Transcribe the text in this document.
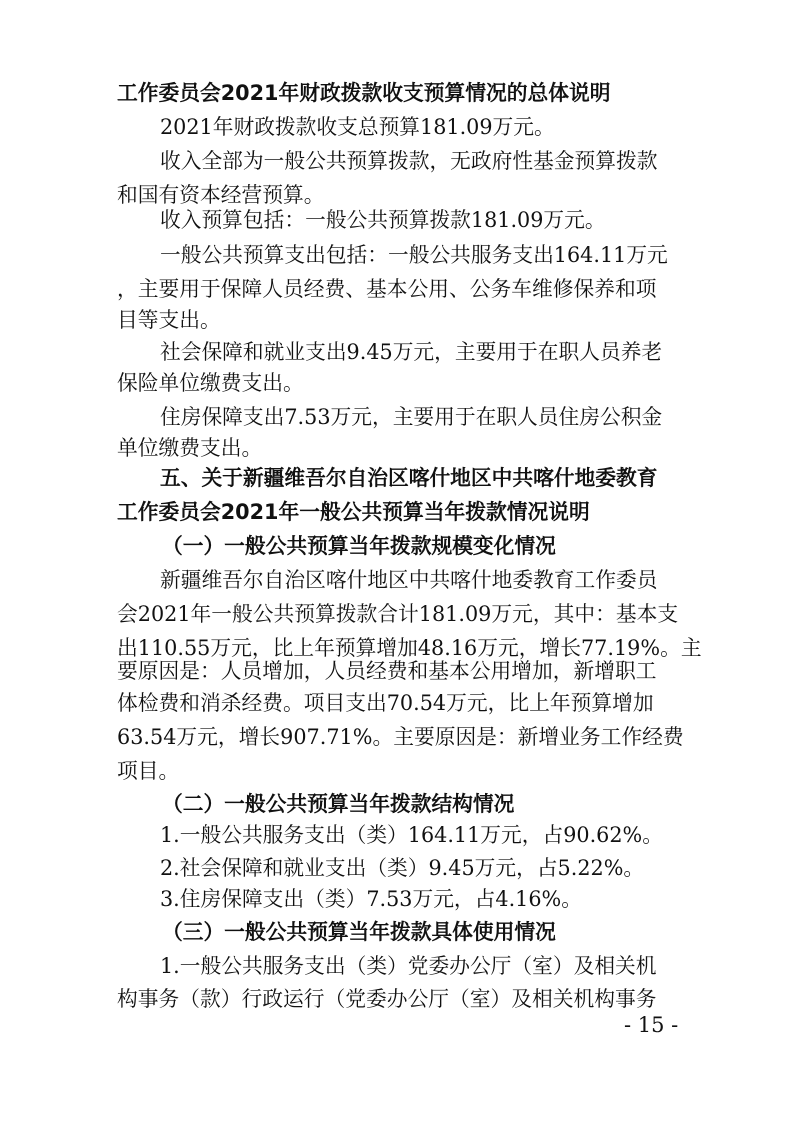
工作委员会2021年财政拨款收支预算情况的总体说明

2021年财政拨款收支总预算181.09万元。

收入全部为一般公共预算拨款，无政府性基金预算拨款

和国有资本经营预算。

收入预算包括：一般公共预算拨款181.09万元。

一般公共预算支出包括：一般公共服务支出164.11万元

，主要用于保障人员经费、基本公用、公务车维修保养和项

目等支出。

社会保障和就业支出9.45万元，主要用于在职人员养老

保险单位缴费支出。

住房保障支出7.53万元，主要用于在职人员住房公积金

单位缴费支出。

五、关于新疆维吾尔自治区喀什地区中共喀什地委教育

工作委员会2021年一般公共预算当年拨款情况说明

（一）一般公共预算当年拨款规模变化情况

新疆维吾尔自治区喀什地区中共喀什地委教育工作委员

会2021年一般公共预算拨款合计181.09万元，其中：基本支

出110.55万元，比上年预算增加48.16万元，增长77.19%。主

要原因是：人员增加，人员经费和基本公用增加，新增职工

体检费和消杀经费。项目支出70.54万元，比上年预算增加

63.54万元，增长907.71%。主要原因是：新增业务工作经费

项目。

（二）一般公共预算当年拨款结构情况

1.一般公共服务支出（类）164.11万元，占90.62%。

2.社会保障和就业支出（类）9.45万元，占5.22%。

3.住房保障支出（类）7.53万元，占4.16%。

（三）一般公共预算当年拨款具体使用情况

1.一般公共服务支出（类）党委办公厅（室）及相关机

构事务（款）行政运行（党委办公厅（室）及相关机构事务

- 15 -
